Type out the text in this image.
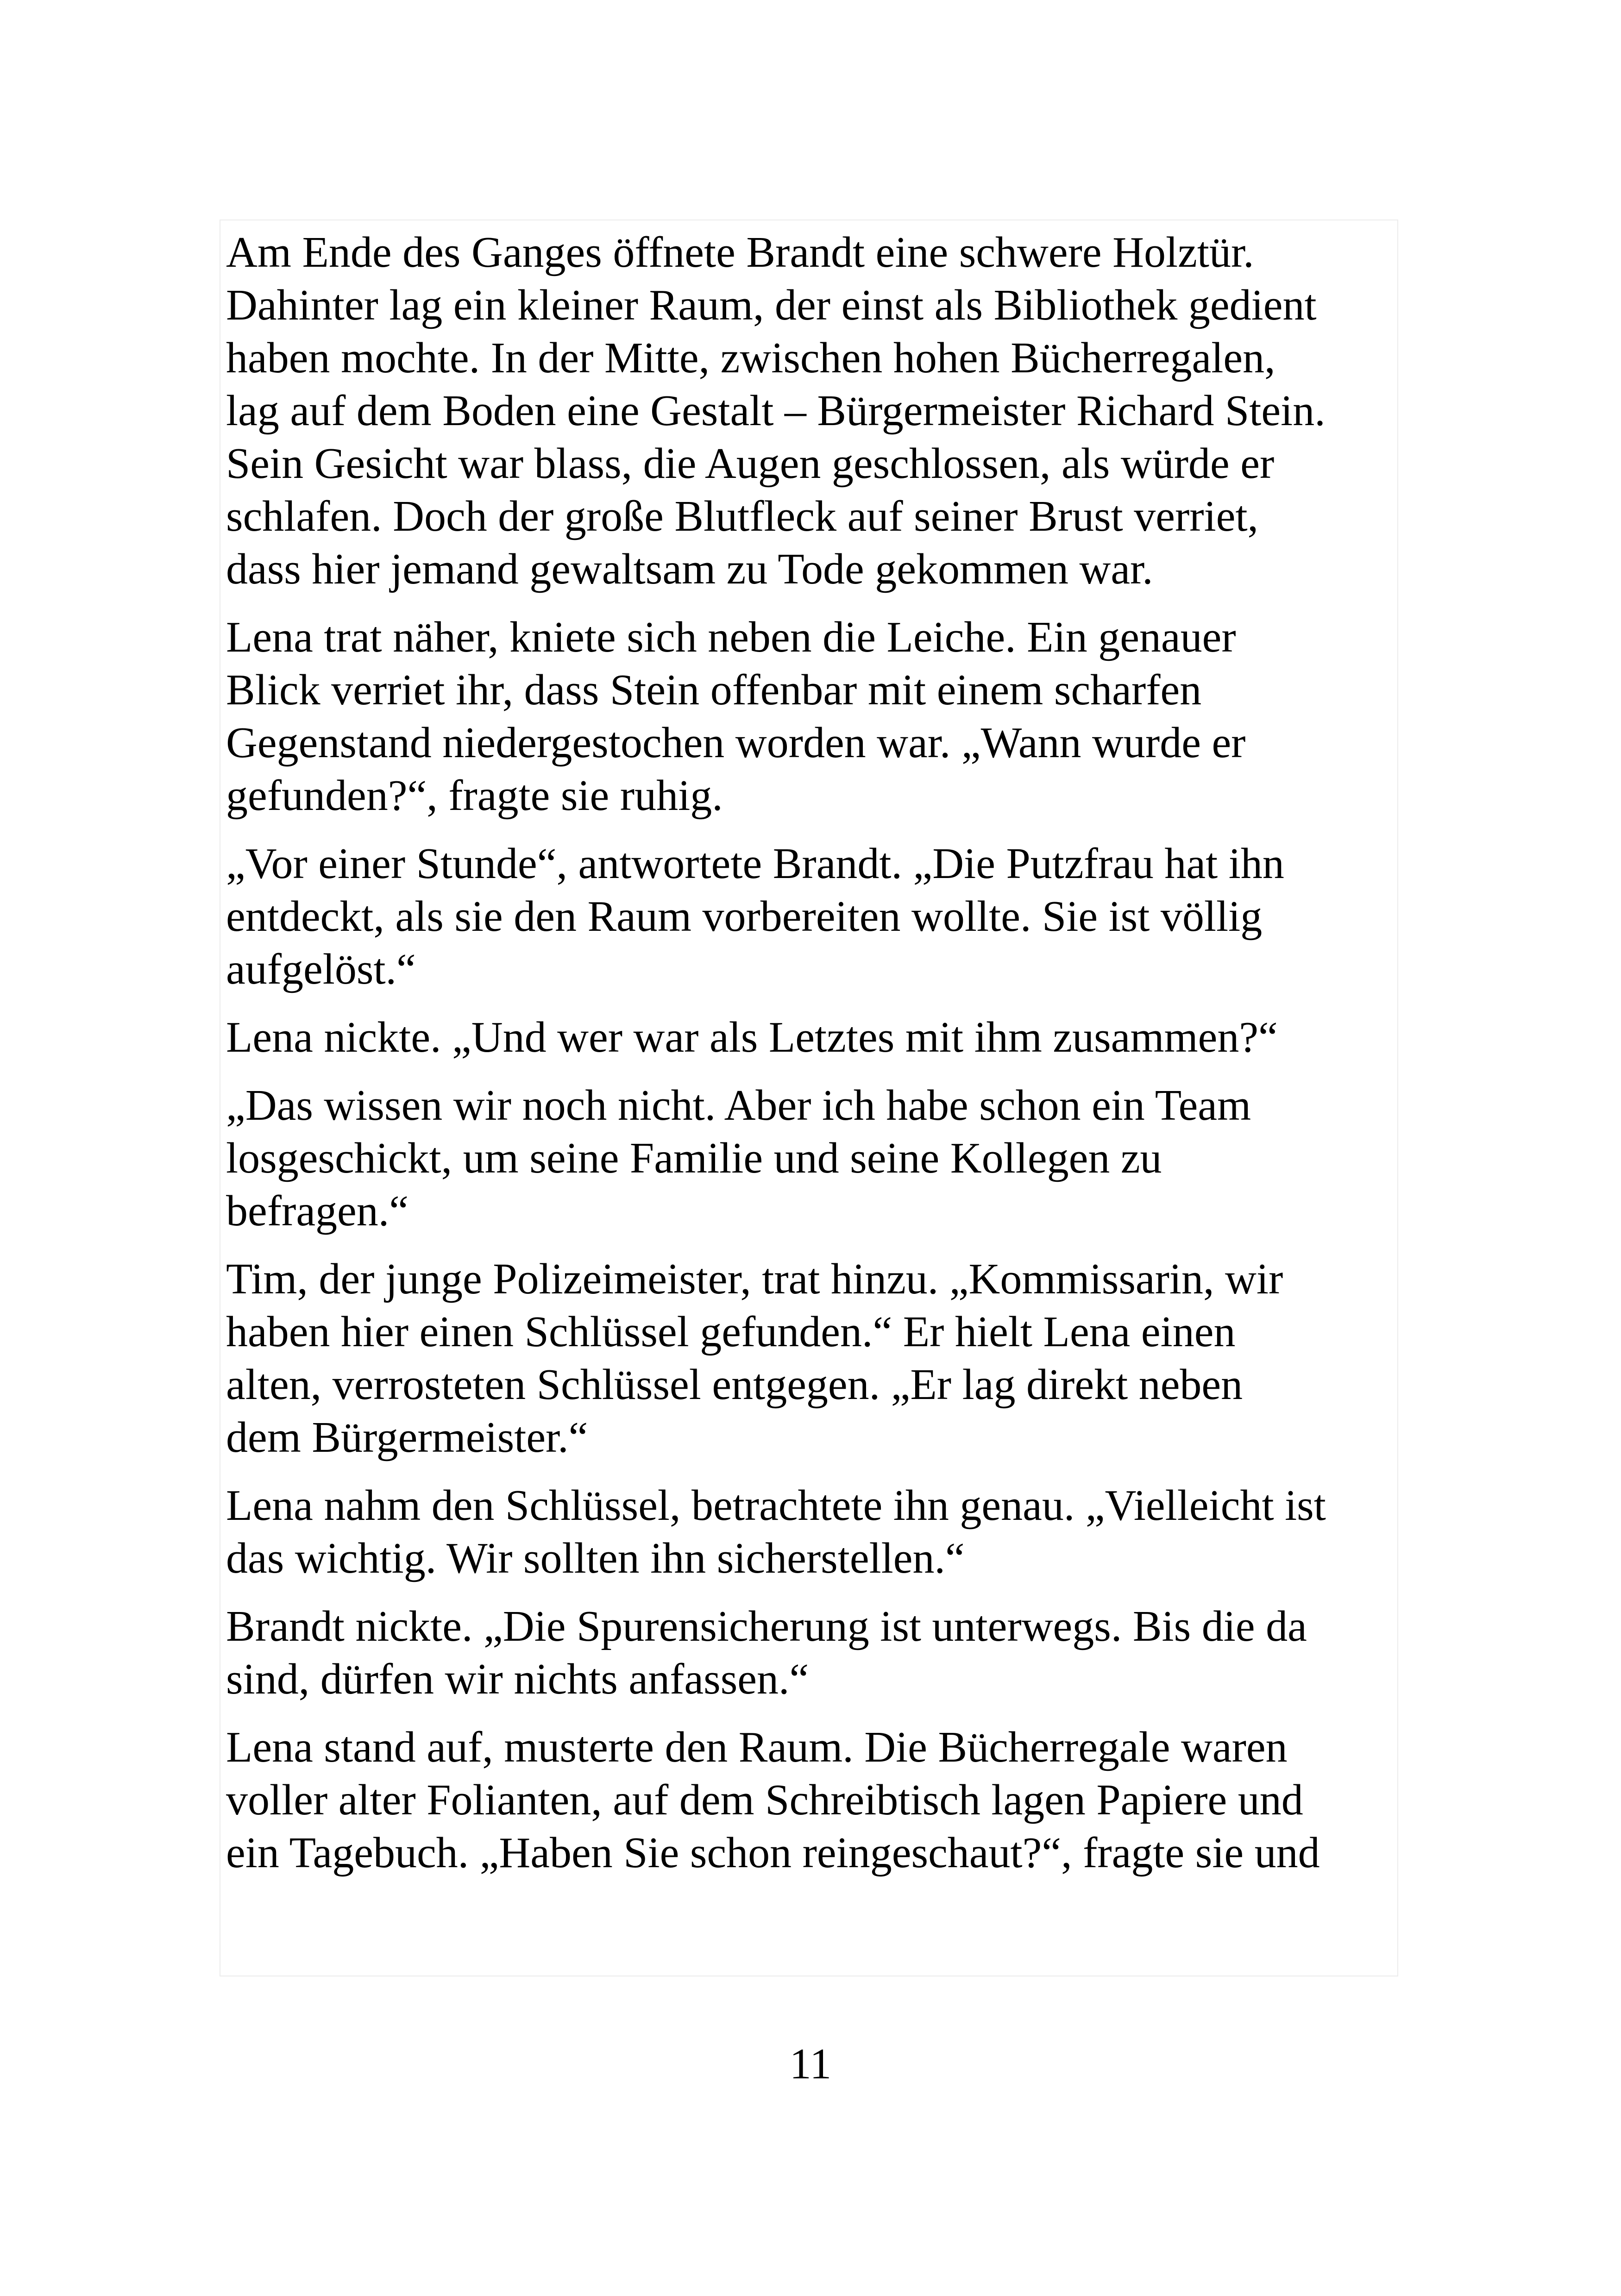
Am Ende des Ganges öffnete Brandt eine schwere Holztür.
Dahinter lag ein kleiner Raum, der einst als Bibliothek gedient
haben mochte. In der Mitte, zwischen hohen Bücherregalen,
lag auf dem Boden eine Gestalt – Bürgermeister Richard Stein.
Sein Gesicht war blass, die Augen geschlossen, als würde er
schlafen. Doch der große Blutfleck auf seiner Brust verriet,
dass hier jemand gewaltsam zu Tode gekommen war.

Lena trat näher, kniete sich neben die Leiche. Ein genauer
Blick verriet ihr, dass Stein offenbar mit einem scharfen
Gegenstand niedergestochen worden war. „Wann wurde er
gefunden?“, fragte sie ruhig.

„Vor einer Stunde“, antwortete Brandt. „Die Putzfrau hat ihn
entdeckt, als sie den Raum vorbereiten wollte. Sie ist völlig
aufgelöst.“

Lena nickte. „Und wer war als Letztes mit ihm zusammen?“

„Das wissen wir noch nicht. Aber ich habe schon ein Team
losgeschickt, um seine Familie und seine Kollegen zu
befragen.“

Tim, der junge Polizeimeister, trat hinzu. „Kommissarin, wir
haben hier einen Schlüssel gefunden.“ Er hielt Lena einen
alten, verrosteten Schlüssel entgegen. „Er lag direkt neben
dem Bürgermeister.“

Lena nahm den Schlüssel, betrachtete ihn genau. „Vielleicht ist
das wichtig. Wir sollten ihn sicherstellen.“

Brandt nickte. „Die Spurensicherung ist unterwegs. Bis die da
sind, dürfen wir nichts anfassen.“

Lena stand auf, musterte den Raum. Die Bücherregale waren
voller alter Folianten, auf dem Schreibtisch lagen Papiere und
ein Tagebuch. „Haben Sie schon reingeschaut?“, fragte sie und

11
